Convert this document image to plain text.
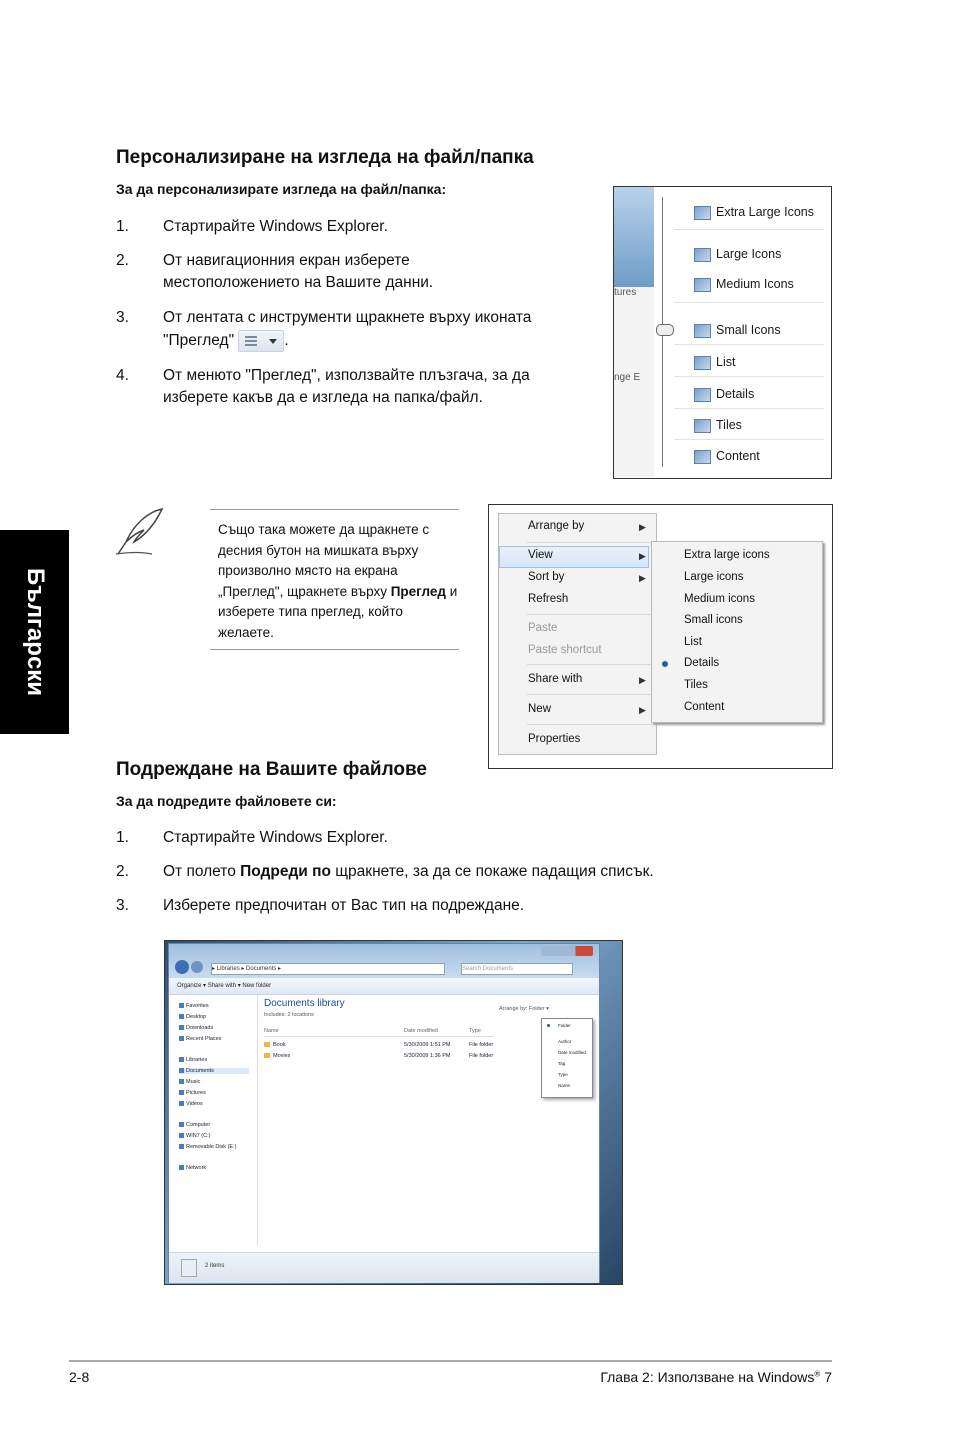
Български
Персонализиране на изгледа на файл/папка
За да персонализирате изгледа на файл/папка:
1. Стартирайте Windows Explorer.
2. От навигационния екран изберете
местоположението на Вашите данни.
3. От лентата с инструменти щракнете върху иконата
"Преглед"	.
4. От менюто "Преглед", използвайте плъзгача, за да
изберете какъв да е изгледа на папка/файл.
tures
nge E
Extra Large Icons
Large Icons
Medium Icons
Small Icons
List
Details
Tiles
Content
Също така можете да щракнете с десния бутон на мишката върху произволно място на екрана „Преглед", щракнете върху Преглед и изберете типа преглед, който желаете.
Arrange by	▶
View	▶
Sort by	▶
Refresh
Paste
Paste shortcut
Share with	▶
New	▶
Properties
Extra large icons
Large icons
Medium icons
Small icons
List
Details
Tiles
Content
Подреждане на Вашите файлове
За да подредите файловете си:
1. Стартирайте Windows Explorer.
2. От полето Подреди по щракнете, за да се покаже падащия списък.
3. Изберете предпочитан от Вас тип на подреждане.
▸ Libraries ▸ Documents ▸	Search Documents
Organize ▾ Share with ▾ New folder
Favorites
Desktop
Downloads
Recent Places
Libraries
Documents
Music
Pictures
Videos
Computer
WIN7 (C:)
Removable Disk (E:)
Network
Documents library
Includes: 2 locations
Arrange by: Folder ▾
Name	Date modified	Type
Book	5/30/2009 1:51 PM	File folder
Movies	5/30/2009 1:36 PM	File folder
Folder
Author
Date modified
Tag
Type
Name
2 items
2-8	Глава 2: Използване на Windows® 7
